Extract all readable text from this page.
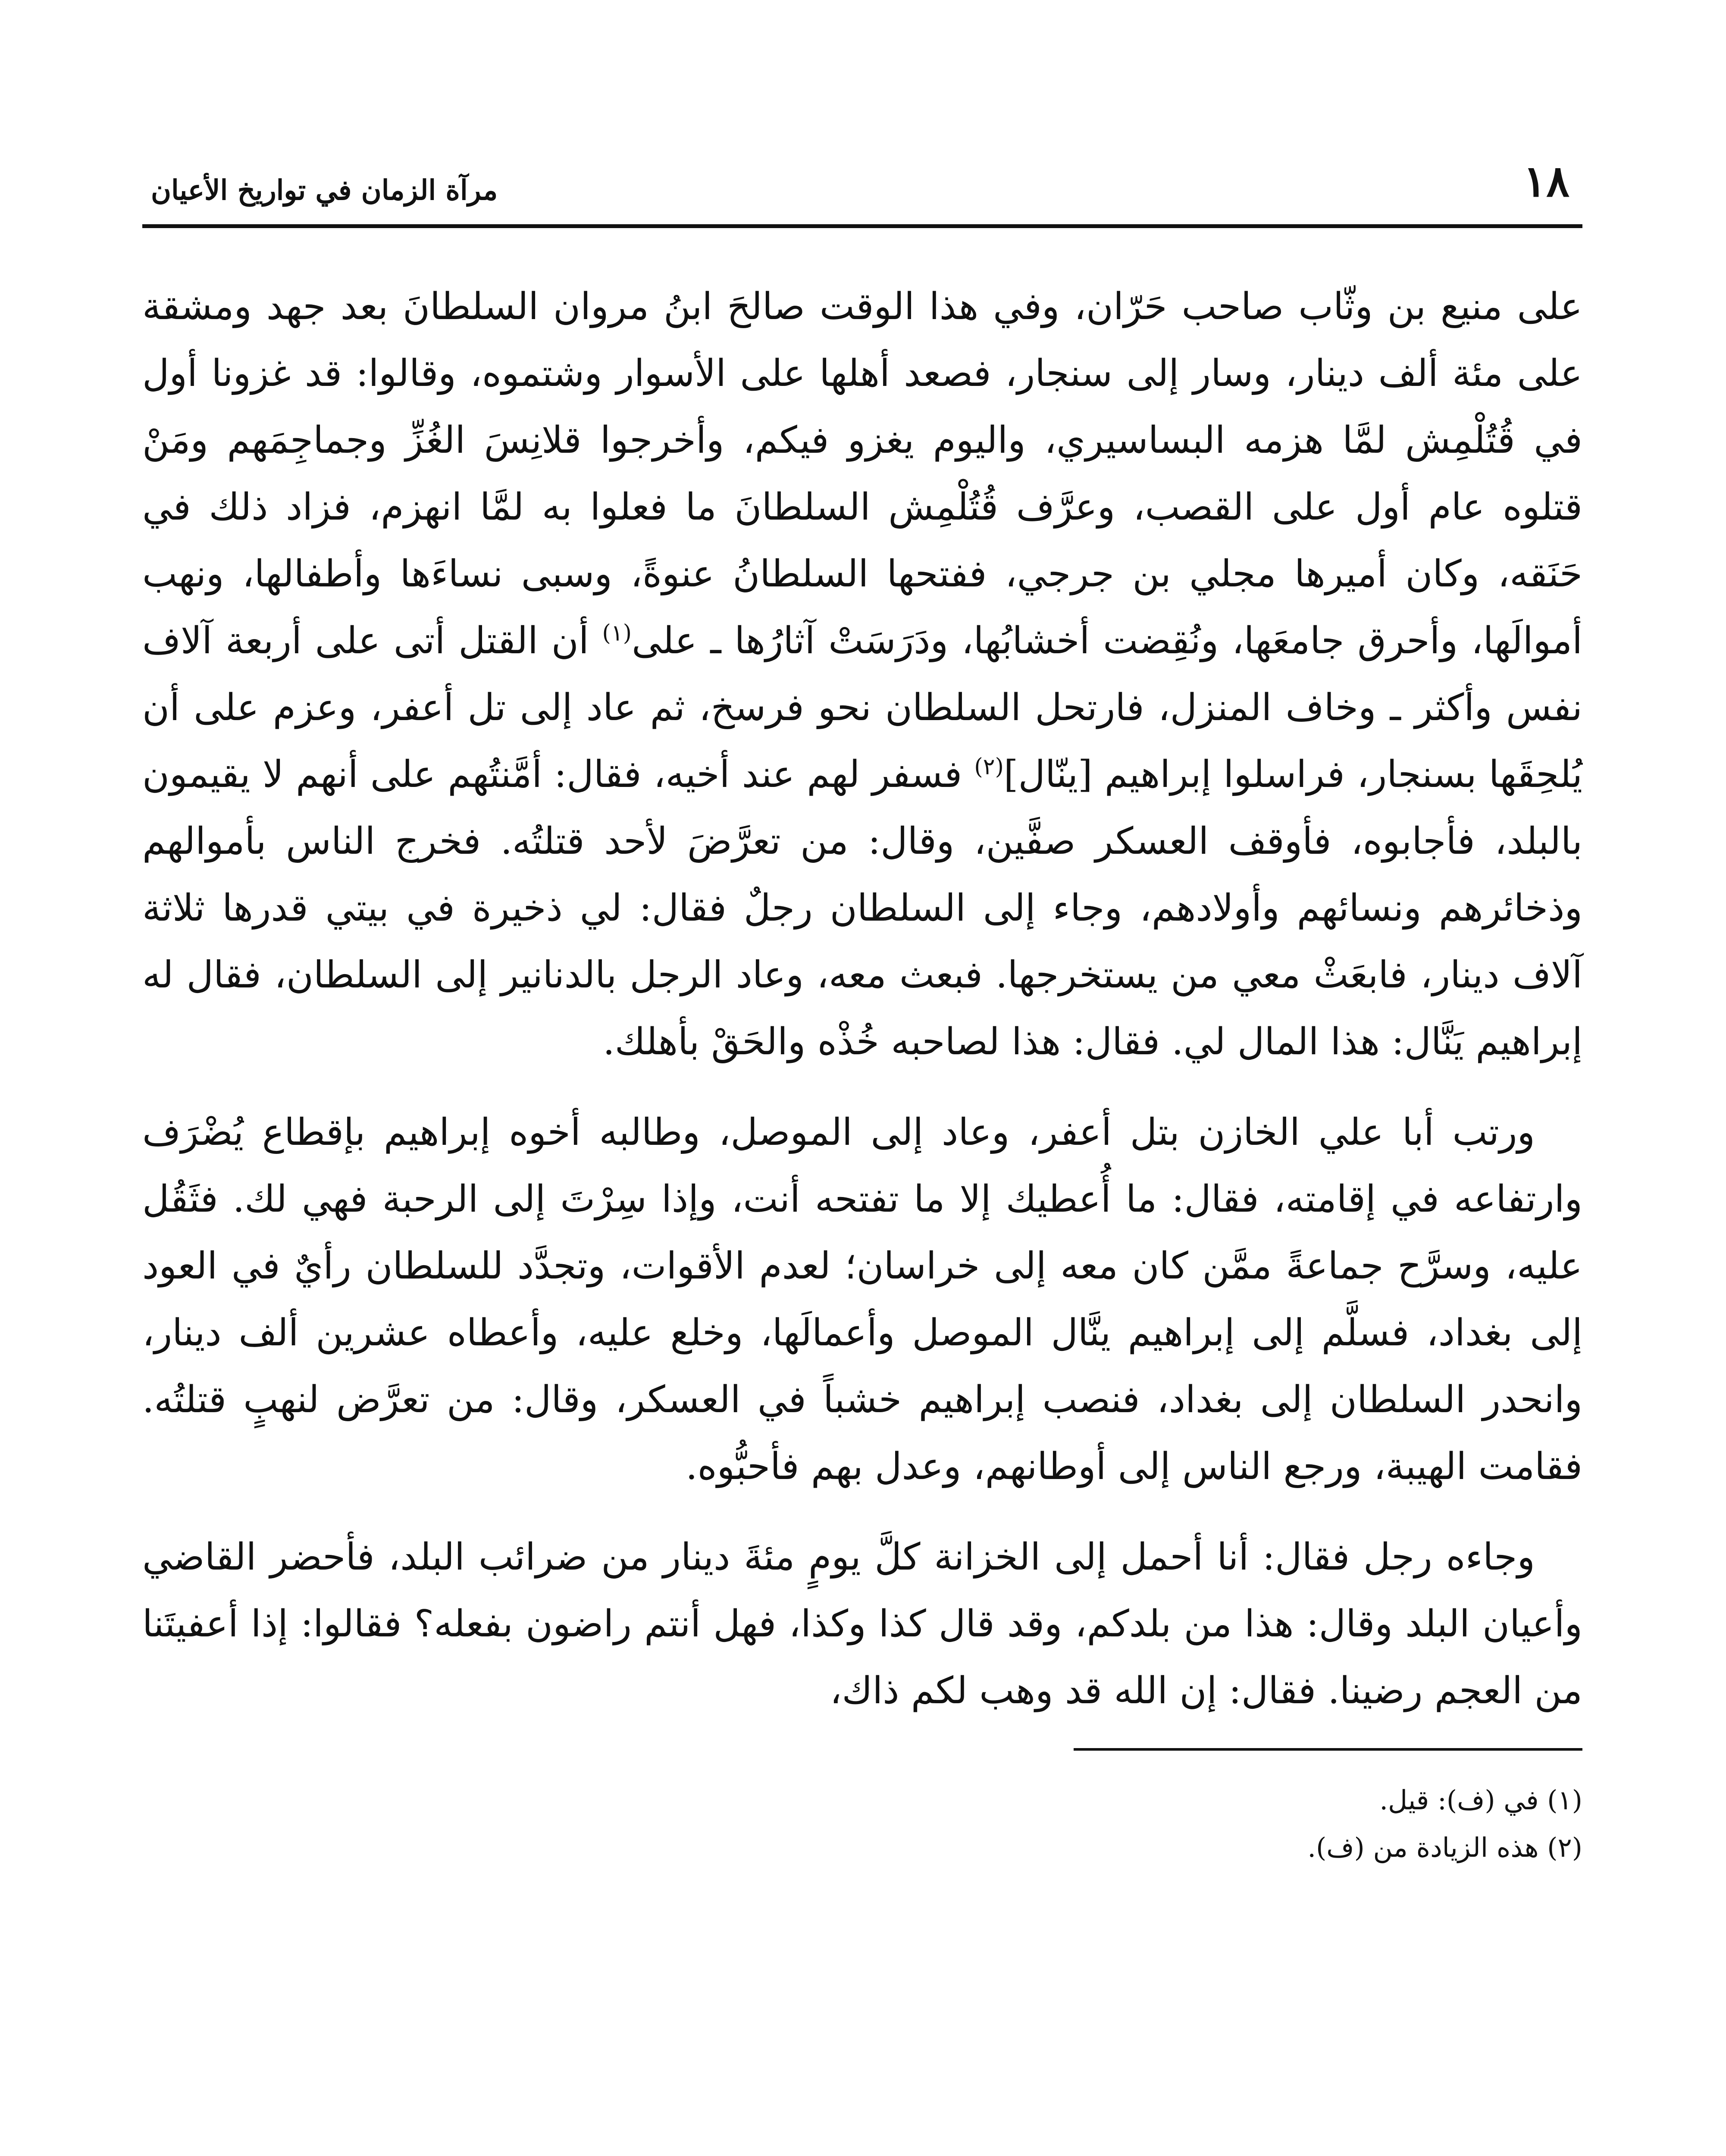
١٨
مرآة الزمان في تواريخ الأعيان

على منيع بن وثّاب صاحب حَرّان، وفي هذا الوقت صالحَ ابنُ مروان السلطانَ بعد جهد ومشقة على مئة ألف دينار، وسار إلى سنجار، فصعد أهلها على الأسوار وشتموه، وقالوا: قد غزونا أول في قُتُلْمِش لمَّا هزمه البساسيري، واليوم يغزو فيكم، وأخرجوا قلانِسَ الغُزِّ وجماجِمَهم ومَنْ قتلوه عام أول على القصب، وعرَّف قُتُلْمِش السلطانَ ما فعلوا به لمَّا انهزم، فزاد ذلك في حَنَقه، وكان أميرها مجلي بن جرجي، ففتحها السلطانُ عنوةً، وسبى نساءَها وأطفالها، ونهب أموالَها، وأحرق جامعَها، ونُقِضت أخشابُها، ودَرَسَتْ آثارُها ـ على$^{(١)}$ أن القتل أتى على أربعة آلاف نفس وأكثر ـ وخاف المنزل، فارتحل السلطان نحو فرسخ، ثم عاد إلى تل أعفر، وعزم على أن يُلحِقَها بسنجار، فراسلوا إبراهيم [ينّال]$^{(٢)}$ فسفر لهم عند أخيه، فقال: أمَّنتُهم على أنهم لا يقيمون بالبلد، فأجابوه، فأوقف العسكر صفَّين، وقال: من تعرَّضَ لأحد قتلتُه. فخرج الناس بأموالهم وذخائرهم ونسائهم وأولادهم، وجاء إلى السلطان رجلٌ فقال: لي ذخيرة في بيتي قدرها ثلاثة آلاف دينار، فابعَثْ معي من يستخرجها. فبعث معه، وعاد الرجل بالدنانير إلى السلطان، فقال له إبراهيم يَنَّال: هذا المال لي. فقال: هذا لصاحبه خُذْه والحَقْ بأهلك.

ورتب أبا علي الخازن بتل أعفر، وعاد إلى الموصل، وطالبه أخوه إبراهيم بإقطاع يُضْرَف وارتفاعه في إقامته، فقال: ما أُعطيك إلا ما تفتحه أنت، وإذا سِرْتَ إلى الرحبة فهي لك. فثَقُل عليه، وسرَّح جماعةً ممَّن كان معه إلى خراسان؛ لعدم الأقوات، وتجدَّد للسلطان رأيٌ في العود إلى بغداد، فسلَّم إلى إبراهيم ينَّال الموصل وأعمالَها، وخلع عليه، وأعطاه عشرين ألف دينار، وانحدر السلطان إلى بغداد، فنصب إبراهيم خشباً في العسكر، وقال: من تعرَّض لنهبٍ قتلتُه. فقامت الهيبة، ورجع الناس إلى أوطانهم، وعدل بهم فأحبُّوه.

وجاءه رجل فقال: أنا أحمل إلى الخزانة كلَّ يومٍ مئةَ دينار من ضرائب البلد، فأحضر القاضي وأعيان البلد وقال: هذا من بلدكم، وقد قال كذا وكذا، فهل أنتم راضون بفعله؟ فقالوا: إذا أعفيتَنا من العجم رضينا. فقال: إن الله قد وهب لكم ذاك،

(١) في (ف): قيل.
(٢) هذه الزيادة من (ف).
